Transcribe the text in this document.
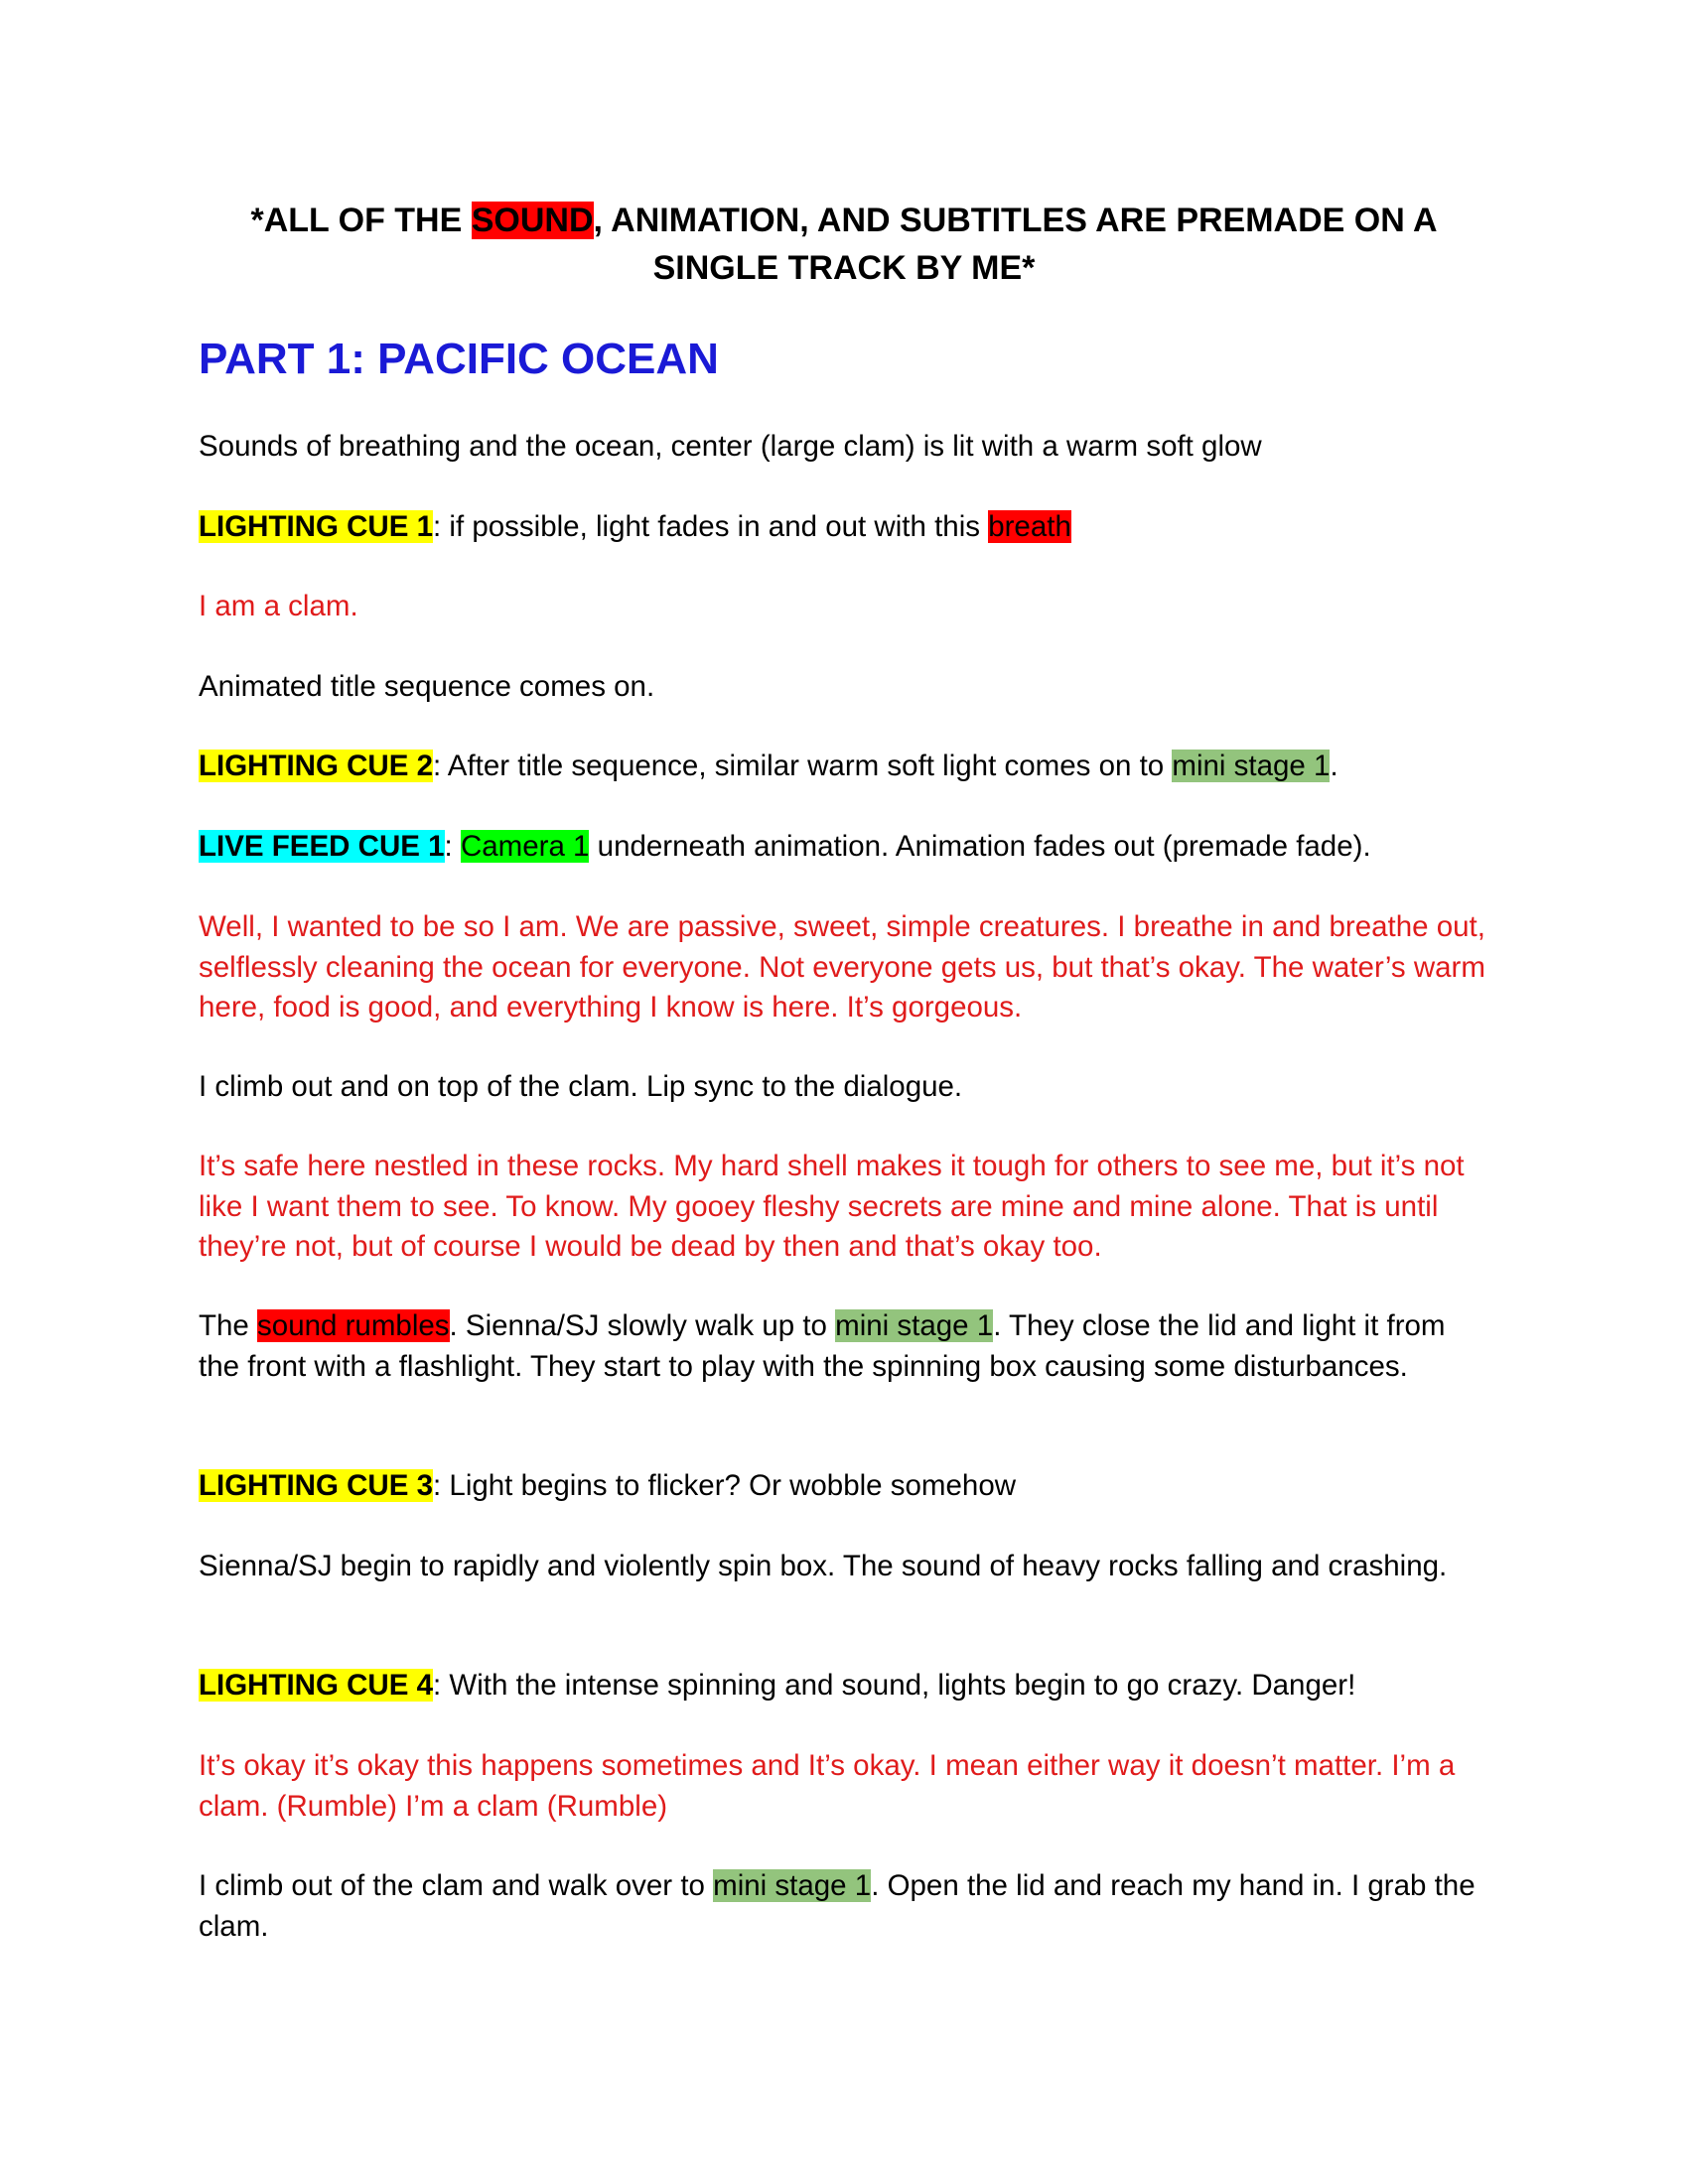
*ALL OF THE SOUND, ANIMATION, AND SUBTITLES ARE PREMADE ON A SINGLE TRACK BY ME*
PART 1: PACIFIC OCEAN
Sounds of breathing and the ocean, center (large clam) is lit with a warm soft glow
LIGHTING CUE 1: if possible, light fades in and out with this breath
I am a clam.
Animated title sequence comes on.
LIGHTING CUE 2: After title sequence, similar warm soft light comes on to mini stage 1.
LIVE FEED CUE 1: Camera 1 underneath animation. Animation fades out (premade fade).
Well, I wanted to be so I am. We are passive, sweet, simple creatures. I breathe in and breathe out, selflessly cleaning the ocean for everyone. Not everyone gets us, but that’s okay. The water’s warm here, food is good, and everything I know is here. It’s gorgeous.
I climb out and on top of the clam. Lip sync to the dialogue.
It’s safe here nestled in these rocks. My hard shell makes it tough for others to see me, but it’s not like I want them to see. To know. My gooey fleshy secrets are mine and mine alone. That is until they’re not, but of course I would be dead by then and that’s okay too.
The sound rumbles. Sienna/SJ slowly walk up to mini stage 1. They close the lid and light it from the front with a flashlight. They start to play with the spinning box causing some disturbances.
LIGHTING CUE 3: Light begins to flicker? Or wobble somehow
Sienna/SJ begin to rapidly and violently spin box. The sound of heavy rocks falling and crashing.
LIGHTING CUE 4: With the intense spinning and sound, lights begin to go crazy. Danger!
It’s okay it’s okay this happens sometimes and It’s okay. I mean either way it doesn’t matter. I’m a clam. (Rumble) I’m a clam (Rumble)
I climb out of the clam and walk over to mini stage 1. Open the lid and reach my hand in. I grab the clam.
